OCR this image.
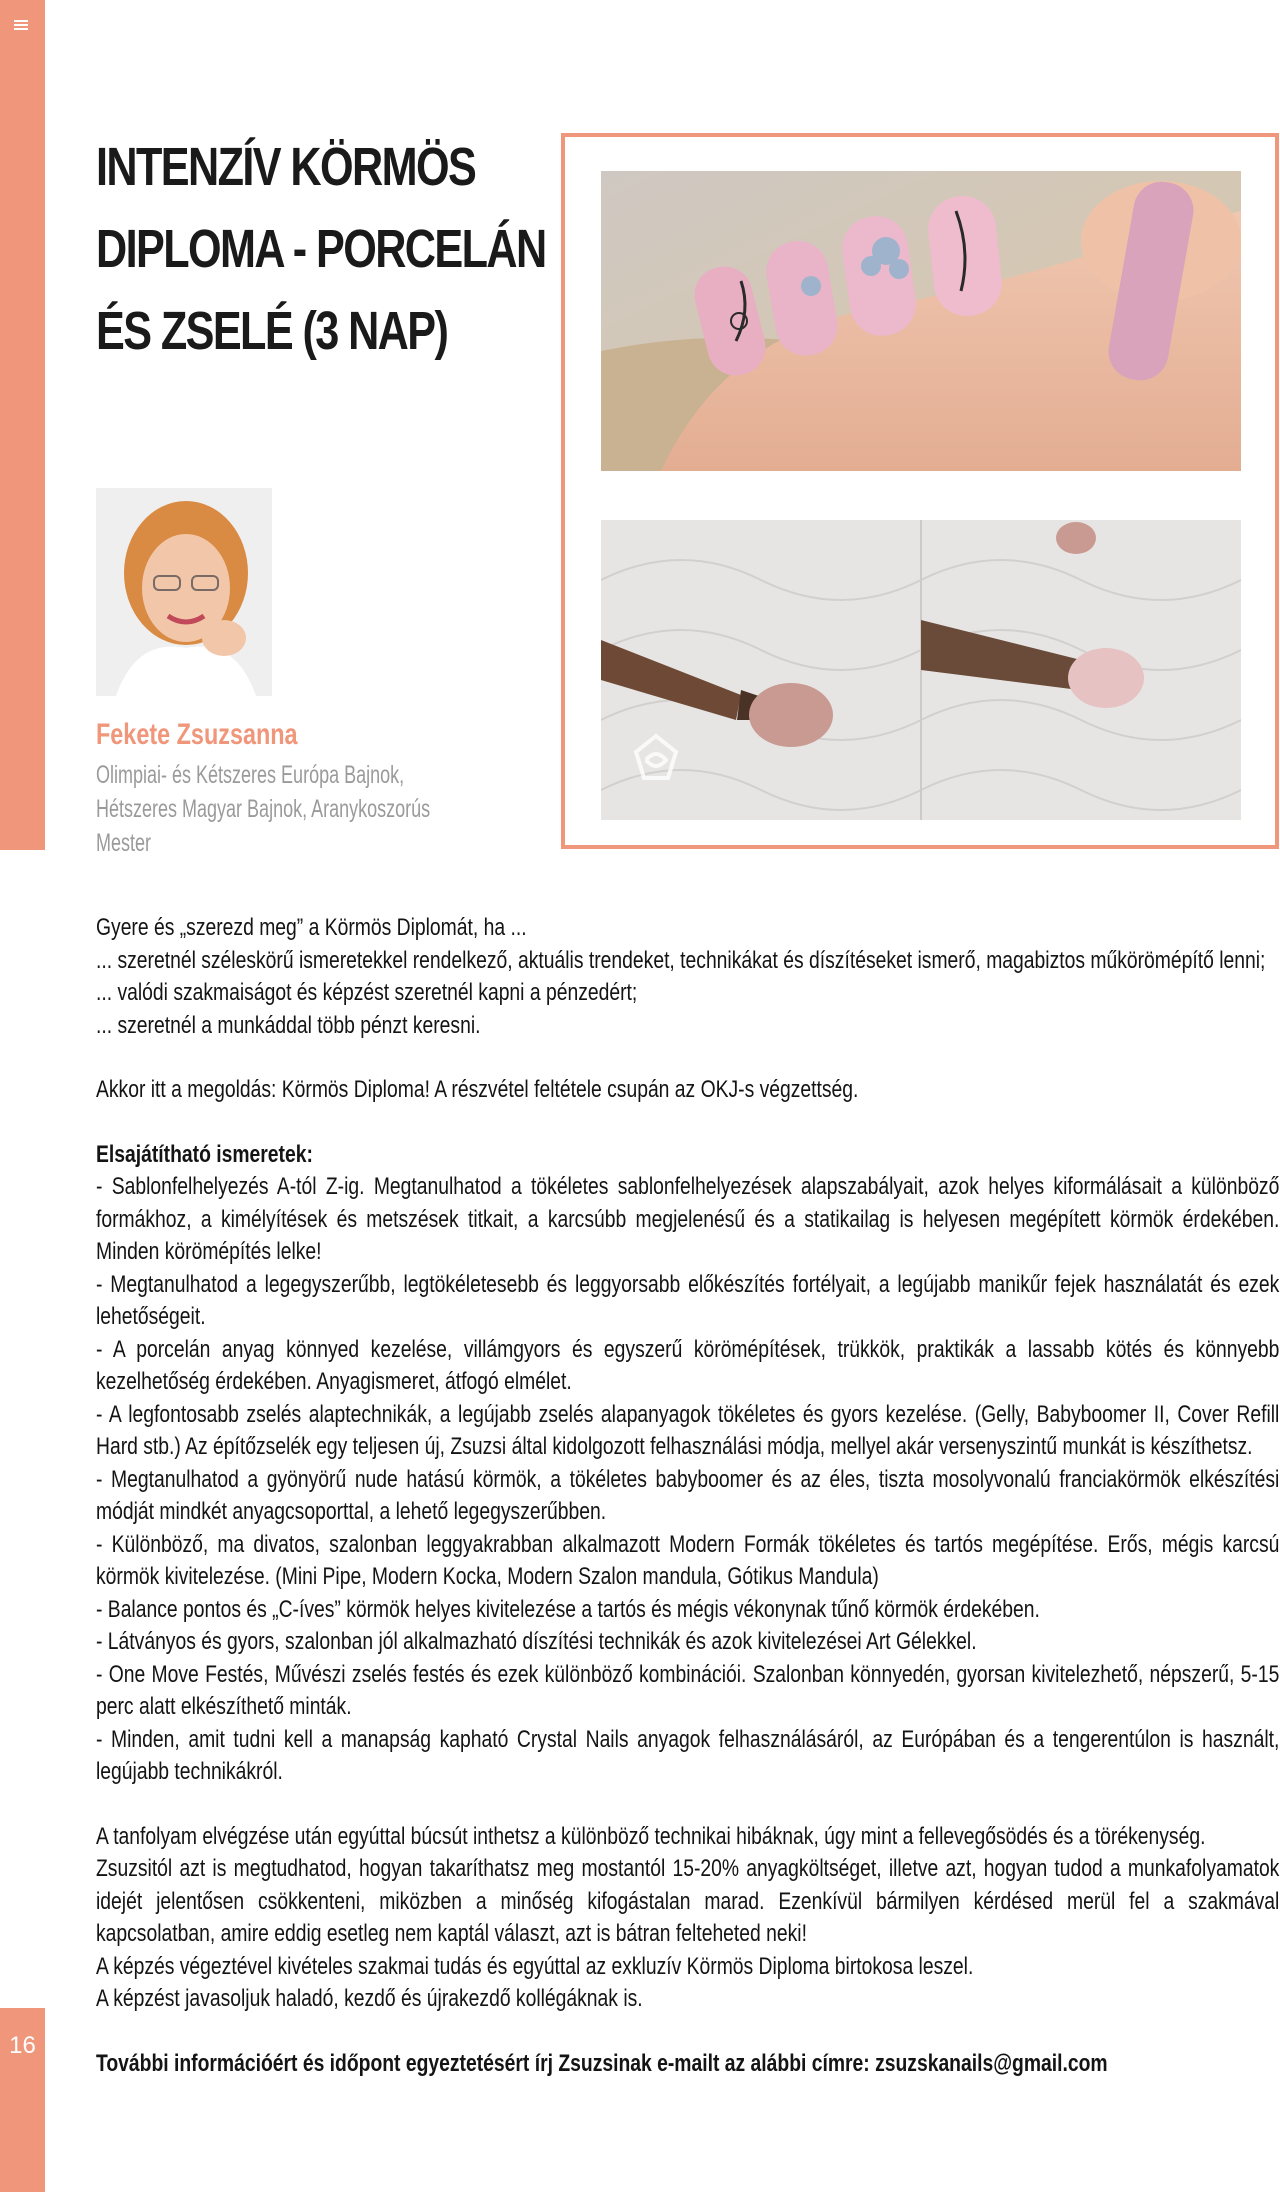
16
INTENZÍV KÖRMÖS
DIPLOMA - PORCELÁN
ÉS ZSELÉ (3 NAP)
Fekete Zsuzsanna
Olimpiai- és Kétszeres Európa Bajnok, Hétszeres Magyar Bajnok, Aranykoszorús Mester

Gyere és „szerezd meg” a Körmös Diplomát, ha ...

... szeretnél széleskörű ismeretekkel rendelkező, aktuális trendeket, technikákat és díszítéseket ismerő, magabiztos műkörömépítő lenni;

... valódi szakmaiságot és képzést szeretnél kapni a pénzedért;

... szeretnél a munkáddal több pénzt keresni.

Akkor itt a megoldás: Körmös Diploma! A részvétel feltétele csupán az OKJ-s végzettség.

Elsajátítható ismeretek:

- Sablonfelhelyezés A-tól Z-ig. Megtanulhatod a tökéletes sablonfelhelyezések alapszabályait, azok helyes kiformálásait a különböző formákhoz, a kimélyítések és metszések titkait, a karcsúbb megjelenésű és a statikailag is helyesen megépített körmök érdekében. Minden körömépítés lelke!

- Megtanulhatod a legegyszerűbb, legtökéletesebb és leggyorsabb előkészítés fortélyait, a legújabb manikűr fejek használatát és ezek lehetőségeit.

- A porcelán anyag könnyed kezelése, villámgyors és egyszerű körömépítések, trükkök, praktikák a lassabb kötés és könnyebb kezelhetőség érdekében. Anyagismeret, átfogó elmélet.

- A legfontosabb zselés alaptechnikák, a legújabb zselés alapanyagok tökéletes és gyors kezelése. (Gelly, Babyboomer II, Cover Refill Hard stb.) Az építőzselék egy teljesen új, Zsuzsi által kidolgozott felhasználási módja, mellyel akár versenyszintű munkát is készíthetsz.

- Megtanulhatod a gyönyörű nude hatású körmök, a tökéletes babyboomer és az éles, tiszta mosolyvonalú franciakörmök elkészítési módját mindkét anyagcsoporttal, a lehető legegyszerűbben.

- Különböző, ma divatos, szalonban leggyakrabban alkalmazott Modern Formák tökéletes és tartós megépítése. Erős, mégis karcsú körmök kivitelezése. (Mini Pipe, Modern Kocka, Modern Szalon mandula, Gótikus Mandula)

- Balance pontos és „C-íves” körmök helyes kivitelezése a tartós és mégis vékonynak tűnő körmök érdekében.

- Látványos és gyors, szalonban jól alkalmazható díszítési technikák és azok kivitelezései Art Gélekkel.

- One Move Festés, Művészi zselés festés és ezek különböző kombinációi. Szalonban könnyedén, gyorsan kivitelezhető, népszerű, 5-15 perc alatt elkészíthető minták.

- Minden, amit tudni kell a manapság kapható Crystal Nails anyagok felhasználásáról, az Európában és a tengerentúlon is használt, legújabb technikákról.

A tanfolyam elvégzése után egyúttal búcsút inthetsz a különböző technikai hibáknak, úgy mint a fellevegősödés és a törékenység.

Zsuzsitól azt is megtudhatod, hogyan takaríthatsz meg mostantól 15-20% anyagköltséget, illetve azt, hogyan tudod a munkafolyamatok idejét jelentősen csökkenteni, miközben a minőség kifogástalan marad. Ezenkívül bármilyen kérdésed merül fel a szakmával kapcsolatban, amire eddig esetleg nem kaptál választ, azt is bátran felteheted neki!

A képzés végeztével kivételes szakmai tudás és egyúttal az exkluzív Körmös Diploma birtokosa leszel.

A képzést javasoljuk haladó, kezdő és újrakezdő kollégáknak is.

További információért és időpont egyeztetésért írj Zsuzsinak e-mailt az alábbi címre: zsuzskanails@gmail.com
